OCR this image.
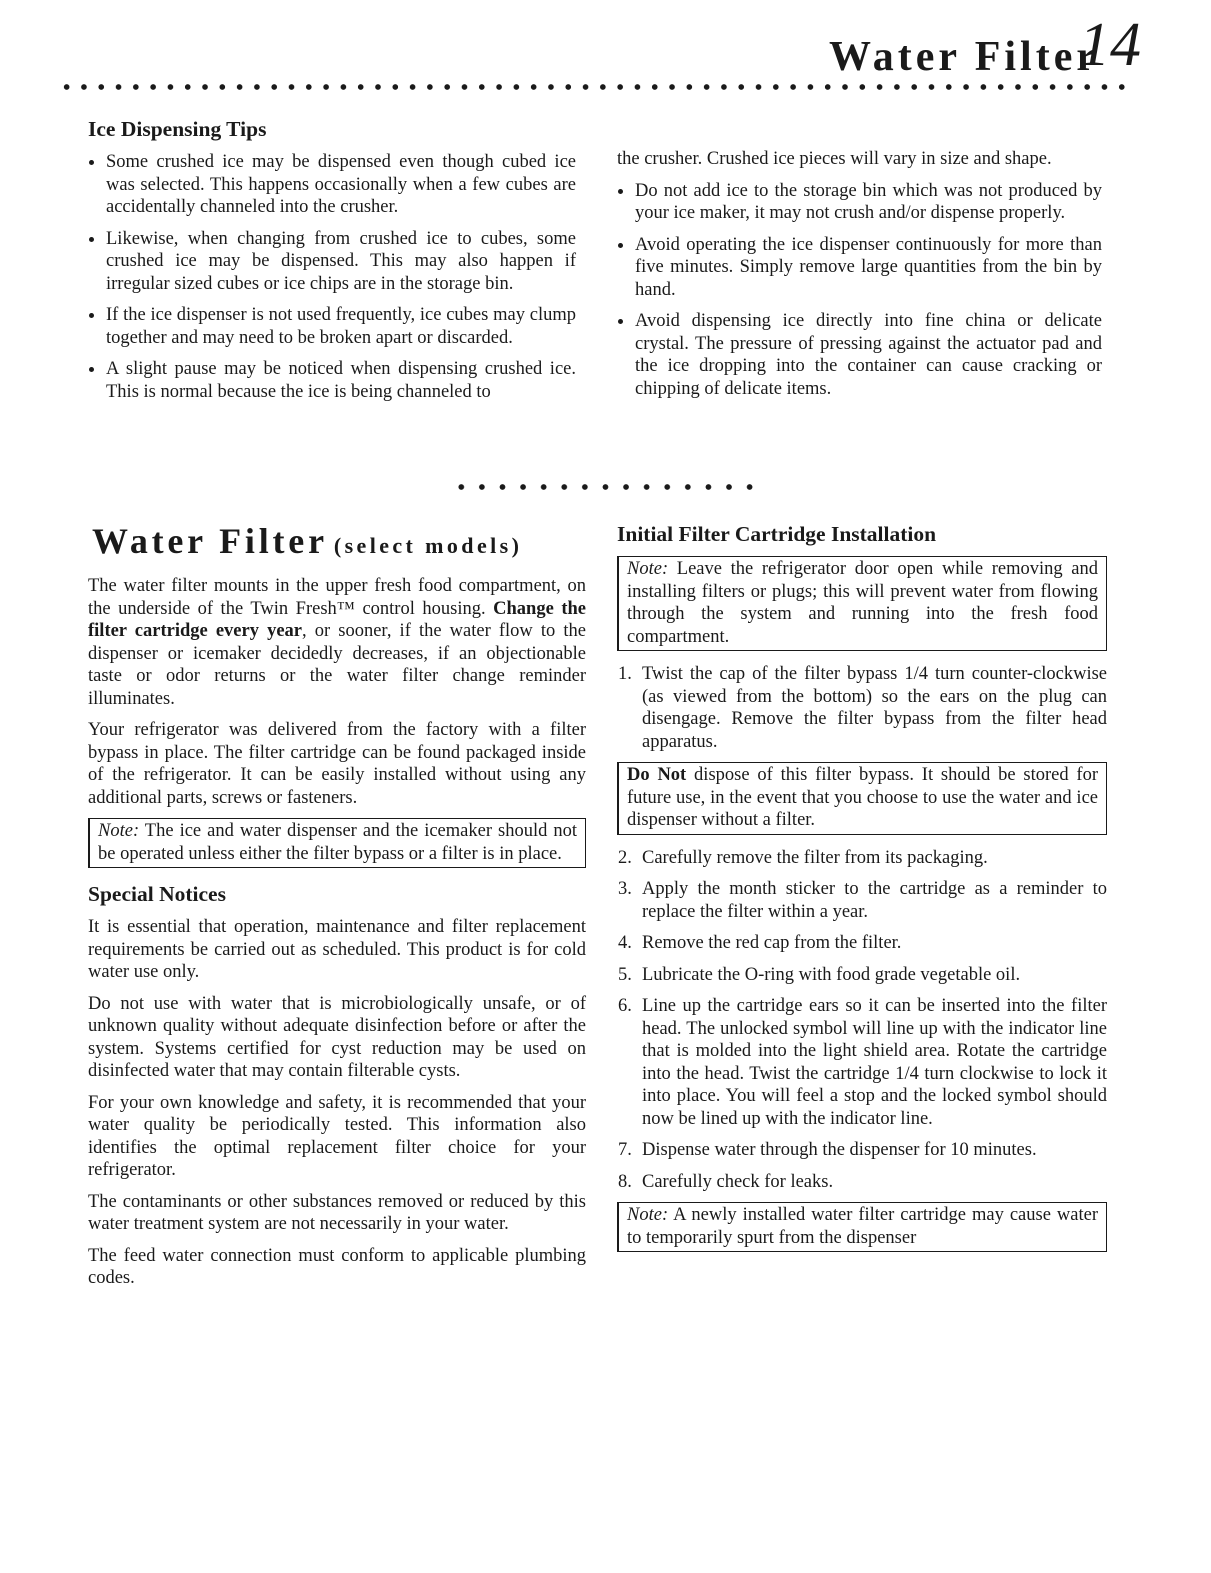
Water Filter
14
Ice Dispensing Tips
Some crushed ice may be dispensed even though cubed ice was selected. This happens occasionally when a few cubes are accidentally channeled into the crusher.
Likewise, when changing from crushed ice to cubes, some crushed ice may be dispensed. This may also happen if irregular sized cubes or ice chips are in the storage bin.
If the ice dispenser is not used frequently, ice cubes may clump together and may need to be broken apart or discarded.
A slight pause may be noticed when dispensing crushed ice. This is normal because the ice is being channeled to

the crusher. Crushed ice pieces will vary in size and shape.

Do not add ice to the storage bin which was not produced by your ice maker, it may not crush and/or dispense properly.
Avoid operating the ice dispenser continuously for more than five minutes. Simply remove large quantities from the bin by hand.
Avoid dispensing ice directly into fine china or delicate crystal. The pressure of pressing against the actuator pad and the ice dropping into the container can cause cracking or chipping of delicate items.
Water Filter (select models)

The water filter mounts in the upper fresh food compartment, on the underside of the Twin Fresh™ control housing. Change the filter cartridge every year, or sooner, if the water flow to the dispenser or icemaker decidedly decreases, if an objectionable taste or odor returns or the water filter change reminder illuminates.

Your refrigerator was delivered from the factory with a filter bypass in place. The filter cartridge can be found packaged inside of the refrigerator. It can be easily installed without using any additional parts, screws or fasteners.

Note: The ice and water dispenser and the icemaker should not be operated unless either the filter bypass or a filter is in place.
Special Notices

It is essential that operation, maintenance and filter replacement requirements be carried out as scheduled. This product is for cold water use only.

Do not use with water that is microbiologically unsafe, or of unknown quality without adequate disinfection before or after the system. Systems certified for cyst reduction may be used on disinfected water that may contain filterable cysts.

For your own knowledge and safety, it is recommended that your water quality be periodically tested. This information also identifies the optimal replacement filter choice for your refrigerator.

The contaminants or other substances removed or reduced by this water treatment system are not necessarily in your water.

The feed water connection must conform to applicable plumbing codes.

Initial Filter Cartridge Installation
Note: Leave the refrigerator door open while removing and installing filters or plugs; this will prevent water from flowing through the system and running into the fresh food compartment.
1. Twist the cap of the filter bypass 1/4 turn counter-clockwise (as viewed from the bottom) so the ears on the plug can disengage. Remove the filter bypass from the filter head apparatus.
Do Not dispose of this filter bypass. It should be stored for future use, in the event that you choose to use the water and ice dispenser without a filter.
2. Carefully remove the filter from its packaging.
3. Apply the month sticker to the cartridge as a reminder to replace the filter within a year.
4. Remove the red cap from the filter.
5. Lubricate the O-ring with food grade vegetable oil.
6. Line up the cartridge ears so it can be inserted into the filter head. The unlocked symbol will line up with the indicator line that is molded into the light shield area. Rotate the cartridge into the head. Twist the cartridge 1/4 turn clockwise to lock it into place. You will feel a stop and the locked symbol should now be lined up with the indicator line.
7. Dispense water through the dispenser for 10 minutes.
8. Carefully check for leaks.
Note: A newly installed water filter cartridge may cause water to temporarily spurt from the dispenser
